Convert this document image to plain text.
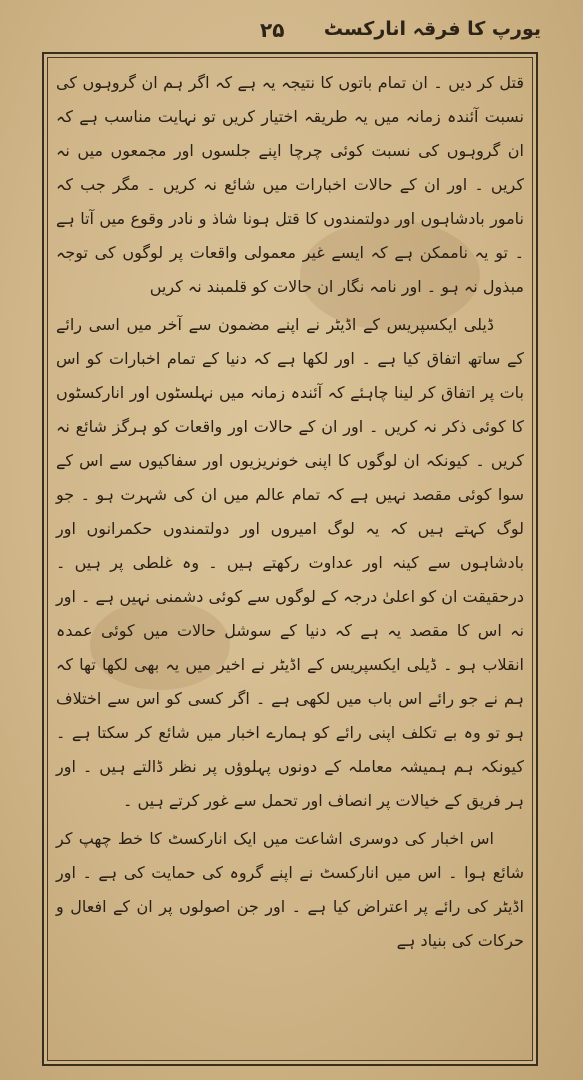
یورپ کا فرقہ انارکسٹ
۲۵

قتل کر دیں ۔ ان تمام باتوں کا نتیجہ یہ ہے کہ اگر ہم ان گروہوں کی نسبت آئندہ زمانہ میں یہ طریقہ اختیار کریں تو نہایت مناسب ہے کہ ان گروہوں کی نسبت کوئی چرچا اپنے جلسوں اور مجمعوں میں نہ کریں ۔ اور ان کے حالات اخبارات میں شائع نہ کریں ۔ مگر جب کہ نامور بادشاہوں اور دولتمندوں کا قتل ہونا شاذ و نادر وقوع میں آتا ہے ۔ تو یہ ناممکن ہے کہ ایسے غیر معمولی واقعات پر لوگوں کی توجہ مبذول نہ ہو ۔ اور نامہ نگار ان حالات کو قلمبند نہ کریں

ڈیلی ایکسپریس کے اڈیٹر نے اپنے مضمون سے آخر میں اسی رائے کے ساتھ اتفاق کیا ہے ۔ اور لکھا ہے کہ دنیا کے تمام اخبارات کو اس بات پر اتفاق کر لینا چاہئے کہ آئندہ زمانہ میں نہلسٹوں اور انارکسٹوں کا کوئی ذکر نہ کریں ۔ اور ان کے حالات اور واقعات کو ہرگز شائع نہ کریں ۔ کیونکہ ان لوگوں کا اپنی خونریزیوں اور سفاکیوں سے اس کے سوا کوئی مقصد نہیں ہے کہ تمام عالم میں ان کی شہرت ہو ۔ جو لوگ کہتے ہیں کہ یہ لوگ امیروں اور دولتمندوں حکمرانوں اور بادشاہوں سے کینہ اور عداوت رکھتے ہیں ۔ وہ غلطی پر ہیں ۔ درحقیقت ان کو اعلیٰ درجہ کے لوگوں سے کوئی دشمنی نہیں ہے ۔ اور نہ اس کا مقصد یہ ہے کہ دنیا کے سوشل حالات میں کوئی عمدہ انقلاب ہو ۔ ڈیلی ایکسپریس کے اڈیٹر نے اخیر میں یہ بھی لکھا تھا کہ ہم نے جو رائے اس باب میں لکھی ہے ۔ اگر کسی کو اس سے اختلاف ہو تو وہ بے تکلف اپنی رائے کو ہمارے اخبار میں شائع کر سکتا ہے ۔ کیونکہ ہم ہمیشہ معاملہ کے دونوں پہلوؤں پر نظر ڈالتے ہیں ۔ اور ہر فریق کے خیالات پر انصاف اور تحمل سے غور کرتے ہیں ۔

اس اخبار کی دوسری اشاعت میں ایک انارکسٹ کا خط چھپ کر شائع ہوا ۔ اس میں انارکسٹ نے اپنے گروہ کی حمایت کی ہے ۔ اور اڈیٹر کی رائے پر اعتراض کیا ہے ۔ اور جن اصولوں پر ان کے افعال و حرکات کی بنیاد ہے
